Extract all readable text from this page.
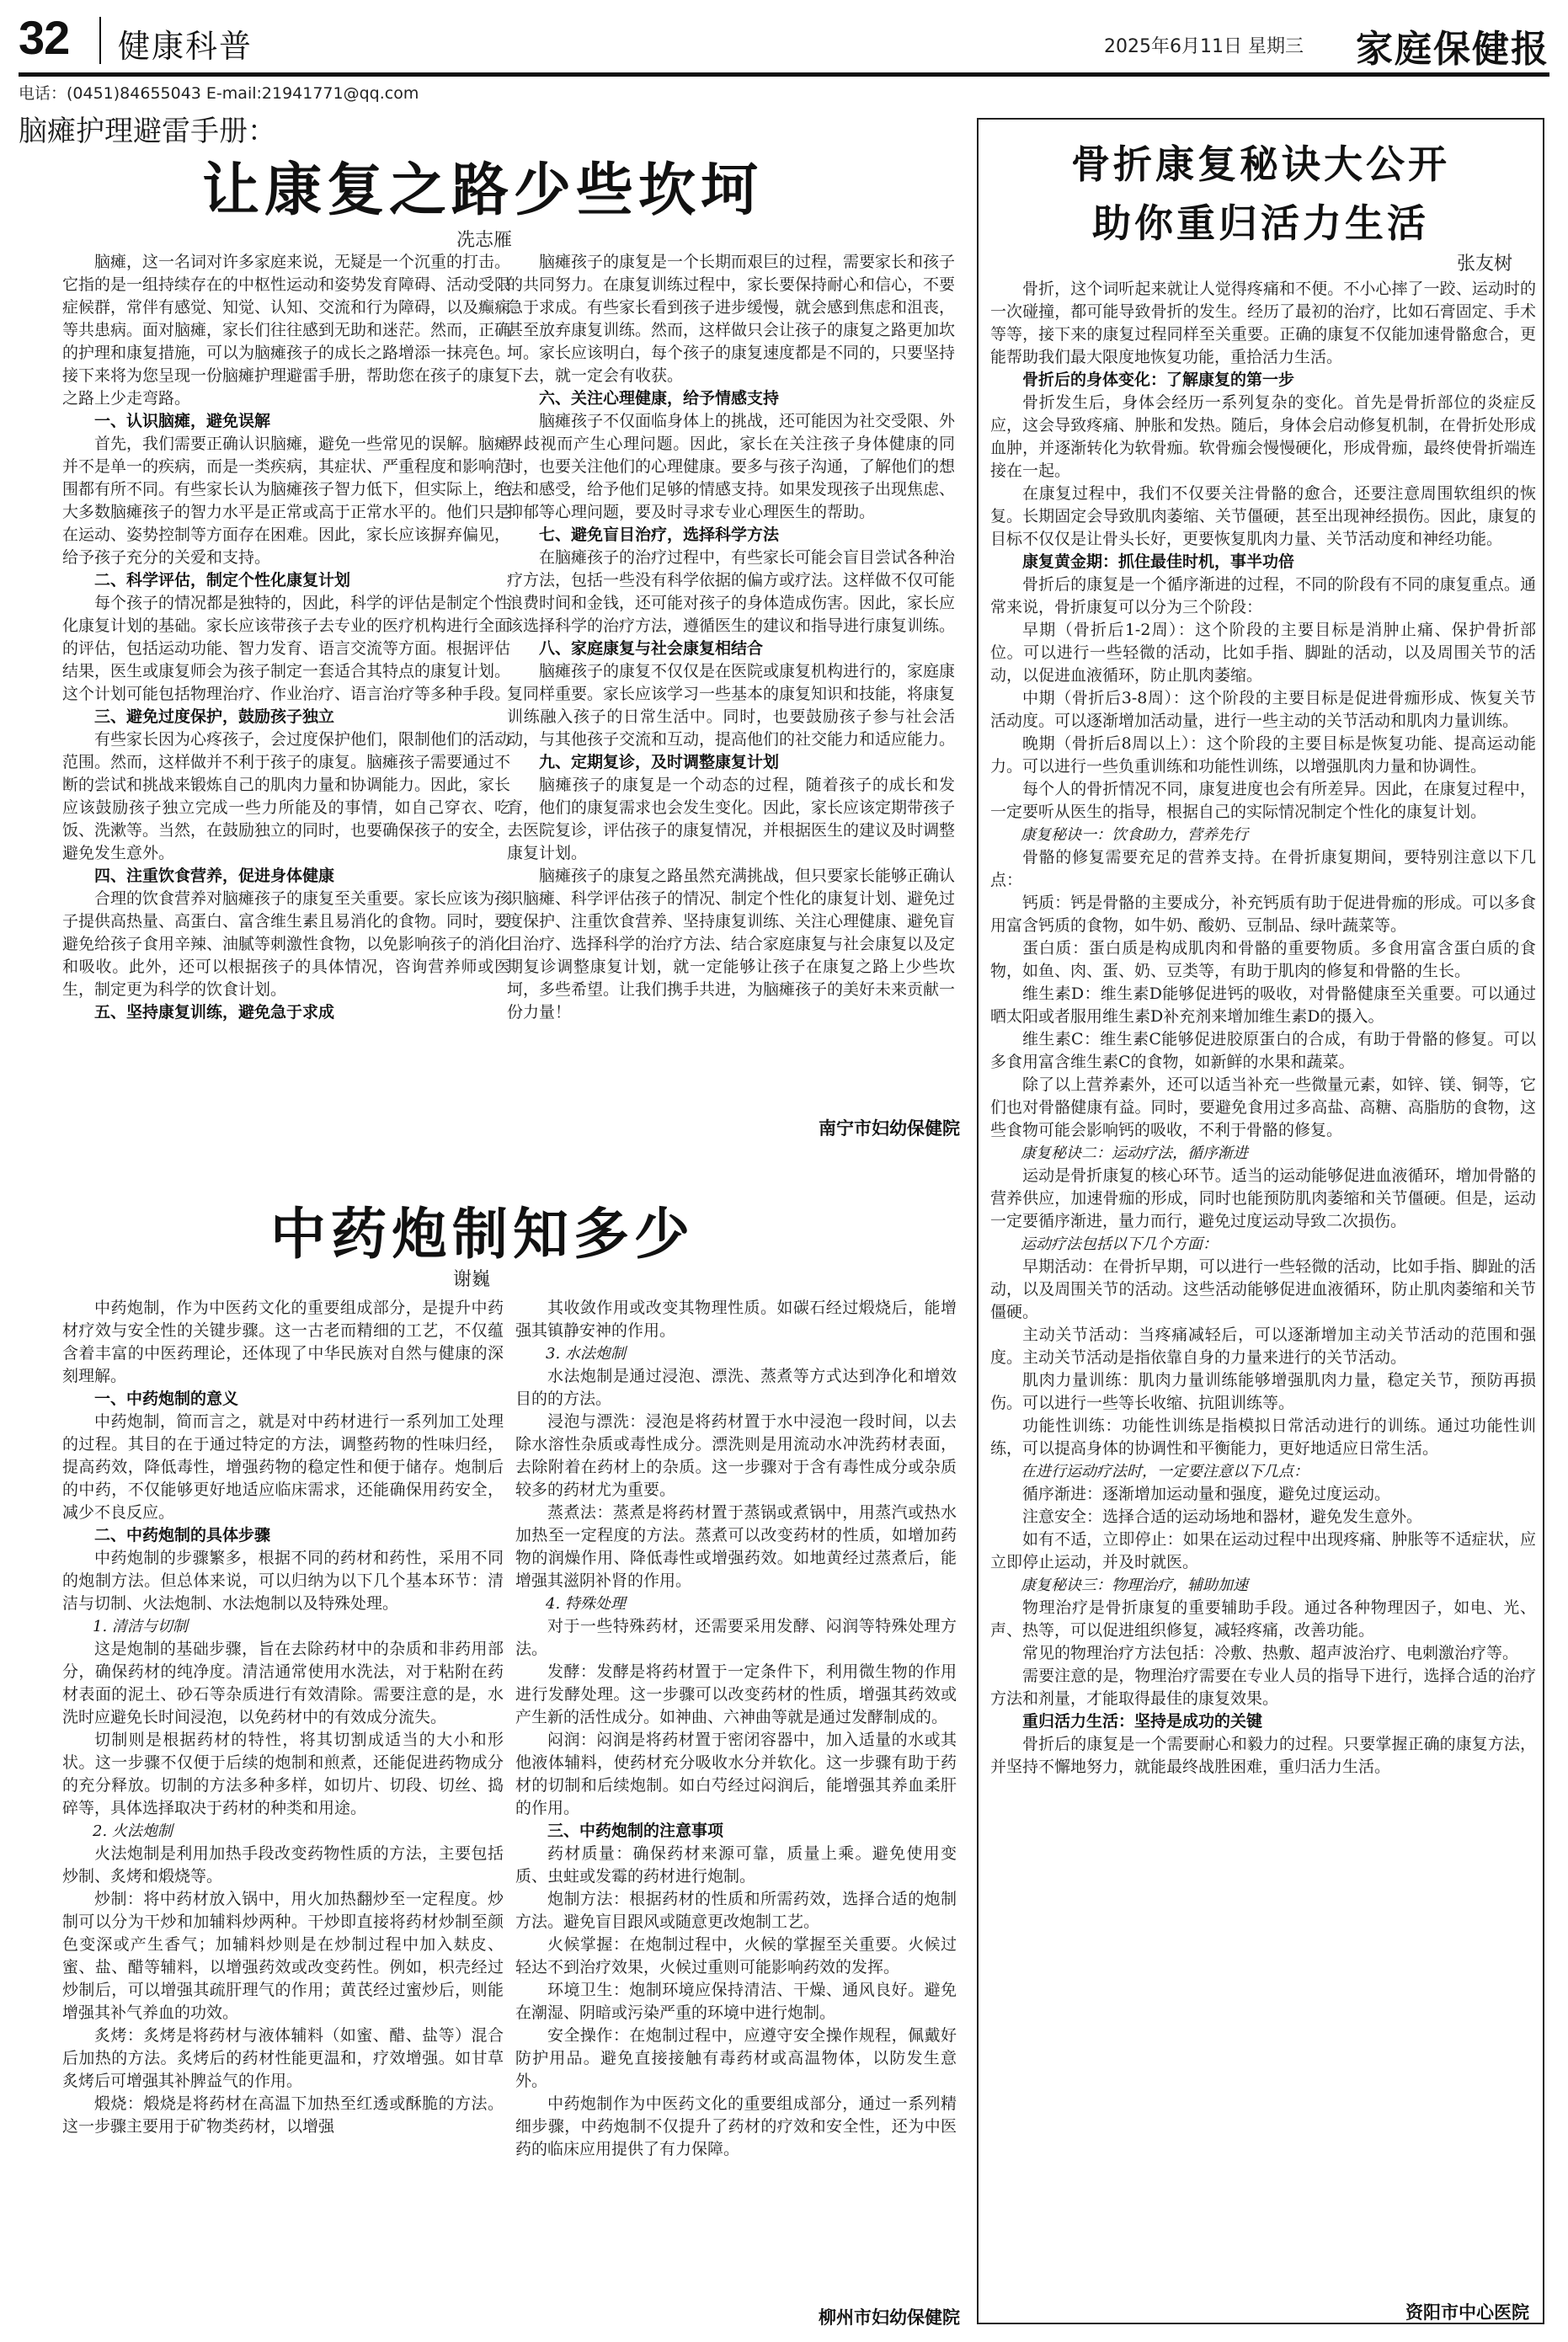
32 健康科普	2025年6月11日 星期三 家庭保健报
电话：(0451)84655043 E-mail:21941771@qq.com
脑瘫护理避雷手册：
让康复之路少些坎坷
冼志雁

脑瘫，这一名词对许多家庭来说，无疑是一个沉重的打击。它指的是一组持续存在的中枢性运动和姿势发育障碍、活动受限症候群，常伴有感觉、知觉、认知、交流和行为障碍，以及癫痫等共患病。面对脑瘫，家长们往往感到无助和迷茫。然而，正确的护理和康复措施，可以为脑瘫孩子的成长之路增添一抹亮色。接下来将为您呈现一份脑瘫护理避雷手册，帮助您在孩子的康复之路上少走弯路。

一、认识脑瘫，避免误解

首先，我们需要正确认识脑瘫，避免一些常见的误解。脑瘫并不是单一的疾病，而是一类疾病，其症状、严重程度和影响范围都有所不同。有些家长认为脑瘫孩子智力低下，但实际上，绝大多数脑瘫孩子的智力水平是正常或高于正常水平的。他们只是在运动、姿势控制等方面存在困难。因此，家长应该摒弃偏见，给予孩子充分的关爱和支持。

二、科学评估，制定个性化康复计划

每个孩子的情况都是独特的，因此，科学的评估是制定个性化康复计划的基础。家长应该带孩子去专业的医疗机构进行全面的评估，包括运动功能、智力发育、语言交流等方面。根据评估结果，医生或康复师会为孩子制定一套适合其特点的康复计划。这个计划可能包括物理治疗、作业治疗、语言治疗等多种手段。

三、避免过度保护，鼓励孩子独立

有些家长因为心疼孩子，会过度保护他们，限制他们的活动范围。然而，这样做并不利于孩子的康复。脑瘫孩子需要通过不断的尝试和挑战来锻炼自己的肌肉力量和协调能力。因此，家长应该鼓励孩子独立完成一些力所能及的事情，如自己穿衣、吃饭、洗漱等。当然，在鼓励独立的同时，也要确保孩子的安全，避免发生意外。

四、注重饮食营养，促进身体健康

合理的饮食营养对脑瘫孩子的康复至关重要。家长应该为孩子提供高热量、高蛋白、富含维生素且易消化的食物。同时，要避免给孩子食用辛辣、油腻等刺激性食物，以免影响孩子的消化和吸收。此外，还可以根据孩子的具体情况，咨询营养师或医生，制定更为科学的饮食计划。

五、坚持康复训练，避免急于求成

脑瘫孩子的康复是一个长期而艰巨的过程，需要家长和孩子的共同努力。在康复训练过程中，家长要保持耐心和信心，不要急于求成。有些家长看到孩子进步缓慢，就会感到焦虑和沮丧，甚至放弃康复训练。然而，这样做只会让孩子的康复之路更加坎坷。家长应该明白，每个孩子的康复速度都是不同的，只要坚持下去，就一定会有收获。

六、关注心理健康，给予情感支持

脑瘫孩子不仅面临身体上的挑战，还可能因为社交受限、外界歧视而产生心理问题。因此，家长在关注孩子身体健康的同时，也要关注他们的心理健康。要多与孩子沟通，了解他们的想法和感受，给予他们足够的情感支持。如果发现孩子出现焦虑、抑郁等心理问题，要及时寻求专业心理医生的帮助。

七、避免盲目治疗，选择科学方法

在脑瘫孩子的治疗过程中，有些家长可能会盲目尝试各种治疗方法，包括一些没有科学依据的偏方或疗法。这样做不仅可能浪费时间和金钱，还可能对孩子的身体造成伤害。因此，家长应该选择科学的治疗方法，遵循医生的建议和指导进行康复训练。

八、家庭康复与社会康复相结合

脑瘫孩子的康复不仅仅是在医院或康复机构进行的，家庭康复同样重要。家长应该学习一些基本的康复知识和技能，将康复训练融入孩子的日常生活中。同时，也要鼓励孩子参与社会活动，与其他孩子交流和互动，提高他们的社交能力和适应能力。

九、定期复诊，及时调整康复计划

脑瘫孩子的康复是一个动态的过程，随着孩子的成长和发育，他们的康复需求也会发生变化。因此，家长应该定期带孩子去医院复诊，评估孩子的康复情况，并根据医生的建议及时调整康复计划。

脑瘫孩子的康复之路虽然充满挑战，但只要家长能够正确认识脑瘫、科学评估孩子的情况、制定个性化的康复计划、避免过度保护、注重饮食营养、坚持康复训练、关注心理健康、避免盲目治疗、选择科学的治疗方法、结合家庭康复与社会康复以及定期复诊调整康复计划，就一定能够让孩子在康复之路上少些坎坷，多些希望。让我们携手共进，为脑瘫孩子的美好未来贡献一份力量！

南宁市妇幼保健院
中药炮制知多少
谢巍

中药炮制，作为中医药文化的重要组成部分，是提升中药材疗效与安全性的关键步骤。这一古老而精细的工艺，不仅蕴含着丰富的中医药理论，还体现了中华民族对自然与健康的深刻理解。

一、中药炮制的意义

中药炮制，简而言之，就是对中药材进行一系列加工处理的过程。其目的在于通过特定的方法，调整药物的性味归经，提高药效，降低毒性，增强药物的稳定性和便于储存。炮制后的中药，不仅能够更好地适应临床需求，还能确保用药安全，减少不良反应。

二、中药炮制的具体步骤

中药炮制的步骤繁多，根据不同的药材和药性，采用不同的炮制方法。但总体来说，可以归纳为以下几个基本环节：清洁与切制、火法炮制、水法炮制以及特殊处理。

1. 清洁与切制

这是炮制的基础步骤，旨在去除药材中的杂质和非药用部分，确保药材的纯净度。清洁通常使用水洗法，对于粘附在药材表面的泥土、砂石等杂质进行有效清除。需要注意的是，水洗时应避免长时间浸泡，以免药材中的有效成分流失。

切制则是根据药材的特性，将其切割成适当的大小和形状。这一步骤不仅便于后续的炮制和煎煮，还能促进药物成分的充分释放。切制的方法多种多样，如切片、切段、切丝、捣碎等，具体选择取决于药材的种类和用途。

2. 火法炮制

火法炮制是利用加热手段改变药物性质的方法，主要包括炒制、炙烤和煅烧等。

炒制：将中药材放入锅中，用火加热翻炒至一定程度。炒制可以分为干炒和加辅料炒两种。干炒即直接将药材炒制至颜色变深或产生香气；加辅料炒则是在炒制过程中加入麸皮、蜜、盐、醋等辅料，以增强药效或改变药性。例如，枳壳经过炒制后，可以增强其疏肝理气的作用；黄芪经过蜜炒后，则能增强其补气养血的功效。

炙烤：炙烤是将药材与液体辅料（如蜜、醋、盐等）混合后加热的方法。炙烤后的药材性能更温和，疗效增强。如甘草炙烤后可增强其补脾益气的作用。

煅烧：煅烧是将药材在高温下加热至红透或酥脆的方法。这一步骤主要用于矿物类药材，以增强

其收敛作用或改变其物理性质。如碳石经过煅烧后，能增强其镇静安神的作用。

3. 水法炮制

水法炮制是通过浸泡、漂洗、蒸煮等方式达到净化和增效目的的方法。

浸泡与漂洗：浸泡是将药材置于水中浸泡一段时间，以去除水溶性杂质或毒性成分。漂洗则是用流动水冲洗药材表面，去除附着在药材上的杂质。这一步骤对于含有毒性成分或杂质较多的药材尤为重要。

蒸煮法：蒸煮是将药材置于蒸锅或煮锅中，用蒸汽或热水加热至一定程度的方法。蒸煮可以改变药材的性质，如增加药物的润燥作用、降低毒性或增强药效。如地黄经过蒸煮后，能增强其滋阴补肾的作用。

4. 特殊处理

对于一些特殊药材，还需要采用发酵、闷润等特殊处理方法。

发酵：发酵是将药材置于一定条件下，利用微生物的作用进行发酵处理。这一步骤可以改变药材的性质，增强其药效或产生新的活性成分。如神曲、六神曲等就是通过发酵制成的。

闷润：闷润是将药材置于密闭容器中，加入适量的水或其他液体辅料，使药材充分吸收水分并软化。这一步骤有助于药材的切制和后续炮制。如白芍经过闷润后，能增强其养血柔肝的作用。

三、中药炮制的注意事项

药材质量：确保药材来源可靠，质量上乘。避免使用变质、虫蛀或发霉的药材进行炮制。

炮制方法：根据药材的性质和所需药效，选择合适的炮制方法。避免盲目跟风或随意更改炮制工艺。

火候掌握：在炮制过程中，火候的掌握至关重要。火候过轻达不到治疗效果，火候过重则可能影响药效的发挥。

环境卫生：炮制环境应保持清洁、干燥、通风良好。避免在潮湿、阴暗或污染严重的环境中进行炮制。

安全操作：在炮制过程中，应遵守安全操作规程，佩戴好防护用品。避免直接接触有毒药材或高温物体，以防发生意外。

中药炮制作为中医药文化的重要组成部分，通过一系列精细步骤，中药炮制不仅提升了药材的疗效和安全性，还为中医药的临床应用提供了有力保障。

柳州市妇幼保健院
骨折康复秘诀大公开
助你重归活力生活
张友树

骨折，这个词听起来就让人觉得疼痛和不便。不小心摔了一跤、运动时的一次碰撞，都可能导致骨折的发生。经历了最初的治疗，比如石膏固定、手术等等，接下来的康复过程同样至关重要。正确的康复不仅能加速骨骼愈合，更能帮助我们最大限度地恢复功能，重拾活力生活。

骨折后的身体变化：了解康复的第一步

骨折发生后，身体会经历一系列复杂的变化。首先是骨折部位的炎症反应，这会导致疼痛、肿胀和发热。随后，身体会启动修复机制，在骨折处形成血肿，并逐渐转化为软骨痂。软骨痂会慢慢硬化，形成骨痂，最终使骨折端连接在一起。

在康复过程中，我们不仅要关注骨骼的愈合，还要注意周围软组织的恢复。长期固定会导致肌肉萎缩、关节僵硬，甚至出现神经损伤。因此，康复的目标不仅仅是让骨头长好，更要恢复肌肉力量、关节活动度和神经功能。

康复黄金期：抓住最佳时机，事半功倍

骨折后的康复是一个循序渐进的过程，不同的阶段有不同的康复重点。通常来说，骨折康复可以分为三个阶段：

早期（骨折后1-2周）：这个阶段的主要目标是消肿止痛、保护骨折部位。可以进行一些轻微的活动，比如手指、脚趾的活动，以及周围关节的活动，以促进血液循环，防止肌肉萎缩。

中期（骨折后3-8周）：这个阶段的主要目标是促进骨痂形成、恢复关节活动度。可以逐渐增加活动量，进行一些主动的关节活动和肌肉力量训练。

晚期（骨折后8周以上）：这个阶段的主要目标是恢复功能、提高运动能力。可以进行一些负重训练和功能性训练，以增强肌肉力量和协调性。

每个人的骨折情况不同，康复进度也会有所差异。因此，在康复过程中，一定要听从医生的指导，根据自己的实际情况制定个性化的康复计划。

康复秘诀一：饮食助力，营养先行

骨骼的修复需要充足的营养支持。在骨折康复期间，要特别注意以下几点：

钙质：钙是骨骼的主要成分，补充钙质有助于促进骨痂的形成。可以多食用富含钙质的食物，如牛奶、酸奶、豆制品、绿叶蔬菜等。

蛋白质：蛋白质是构成肌肉和骨骼的重要物质。多食用富含蛋白质的食物，如鱼、肉、蛋、奶、豆类等，有助于肌肉的修复和骨骼的生长。

维生素D：维生素D能够促进钙的吸收，对骨骼健康至关重要。可以通过晒太阳或者服用维生素D补充剂来增加维生素D的摄入。

维生素C：维生素C能够促进胶原蛋白的合成，有助于骨骼的修复。可以多食用富含维生素C的食物，如新鲜的水果和蔬菜。

除了以上营养素外，还可以适当补充一些微量元素，如锌、镁、铜等，它们也对骨骼健康有益。同时，要避免食用过多高盐、高糖、高脂肪的食物，这些食物可能会影响钙的吸收，不利于骨骼的修复。

康复秘诀二：运动疗法，循序渐进

运动是骨折康复的核心环节。适当的运动能够促进血液循环，增加骨骼的营养供应，加速骨痂的形成，同时也能预防肌肉萎缩和关节僵硬。但是，运动一定要循序渐进，量力而行，避免过度运动导致二次损伤。

运动疗法包括以下几个方面：

早期活动：在骨折早期，可以进行一些轻微的活动，比如手指、脚趾的活动，以及周围关节的活动。这些活动能够促进血液循环，防止肌肉萎缩和关节僵硬。

主动关节活动：当疼痛减轻后，可以逐渐增加主动关节活动的范围和强度。主动关节活动是指依靠自身的力量来进行的关节活动。

肌肉力量训练：肌肉力量训练能够增强肌肉力量，稳定关节，预防再损伤。可以进行一些等长收缩、抗阻训练等。

功能性训练：功能性训练是指模拟日常活动进行的训练。通过功能性训练，可以提高身体的协调性和平衡能力，更好地适应日常生活。

在进行运动疗法时，一定要注意以下几点：

循序渐进：逐渐增加运动量和强度，避免过度运动。

注意安全：选择合适的运动场地和器材，避免发生意外。

如有不适，立即停止：如果在运动过程中出现疼痛、肿胀等不适症状，应立即停止运动，并及时就医。

康复秘诀三：物理治疗，辅助加速

物理治疗是骨折康复的重要辅助手段。通过各种物理因子，如电、光、声、热等，可以促进组织修复，减轻疼痛，改善功能。

常见的物理治疗方法包括：冷敷、热敷、超声波治疗、电刺激治疗等。

需要注意的是，物理治疗需要在专业人员的指导下进行，选择合适的治疗方法和剂量，才能取得最佳的康复效果。

重归活力生活：坚持是成功的关键

骨折后的康复是一个需要耐心和毅力的过程。只要掌握正确的康复方法，并坚持不懈地努力，就能最终战胜困难，重归活力生活。

资阳市中心医院
